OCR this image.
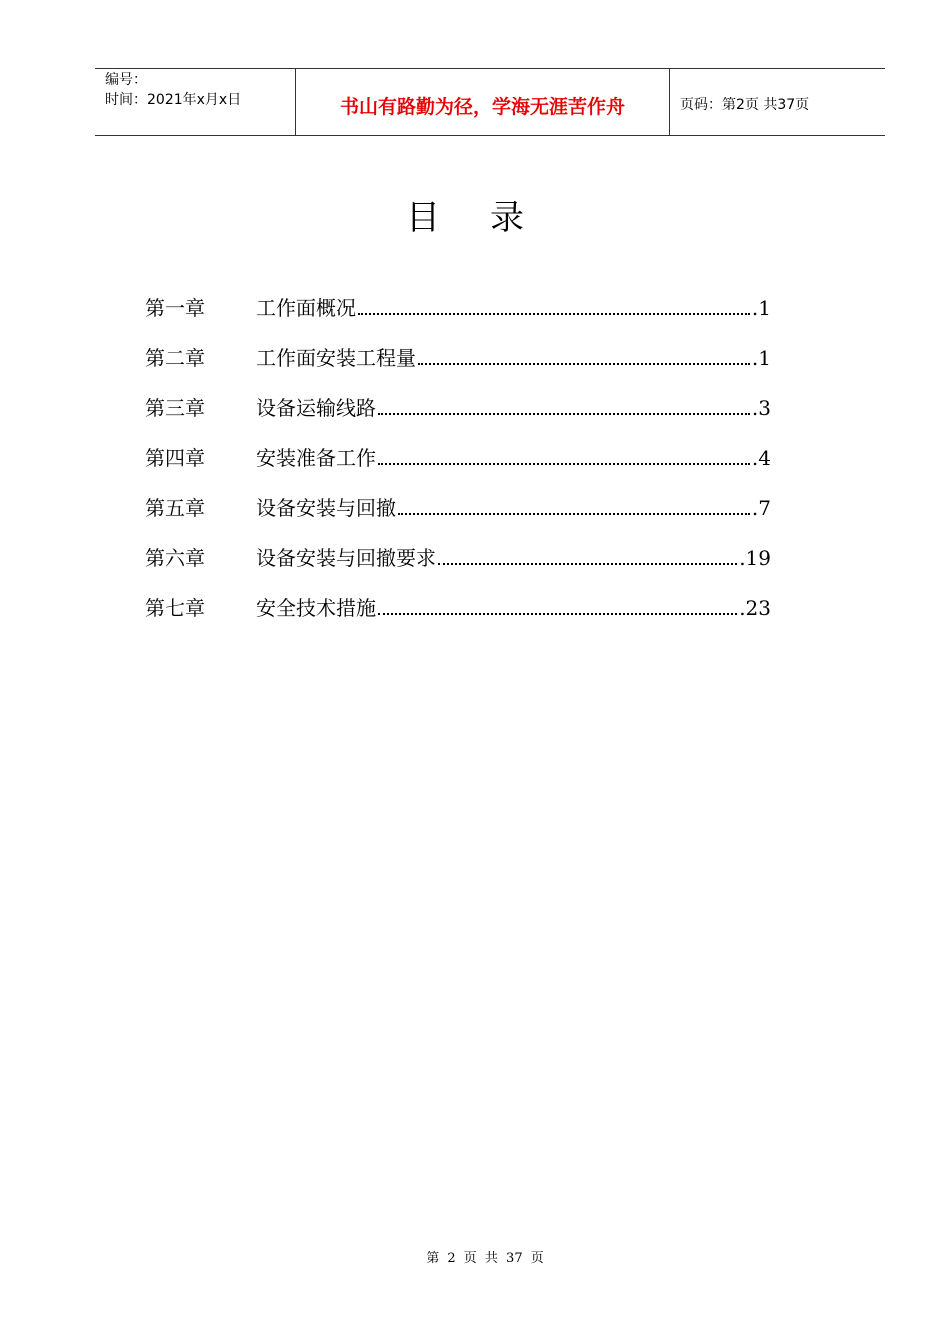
编号：
时间：2021年x月x日	书山有路勤为径，学海无涯苦作舟	页码：第2页 共37页
目录
第一章	工作面概况	.1
第二章	工作面安装工程量	.1
第三章	设备运输线路	.3
第四章	安装准备工作	.4
第五章	设备安装与回撤	.7
第六章	设备安装与回撤要求	.19
第七章	安全技术措施	.23
第 2 页 共 37 页
